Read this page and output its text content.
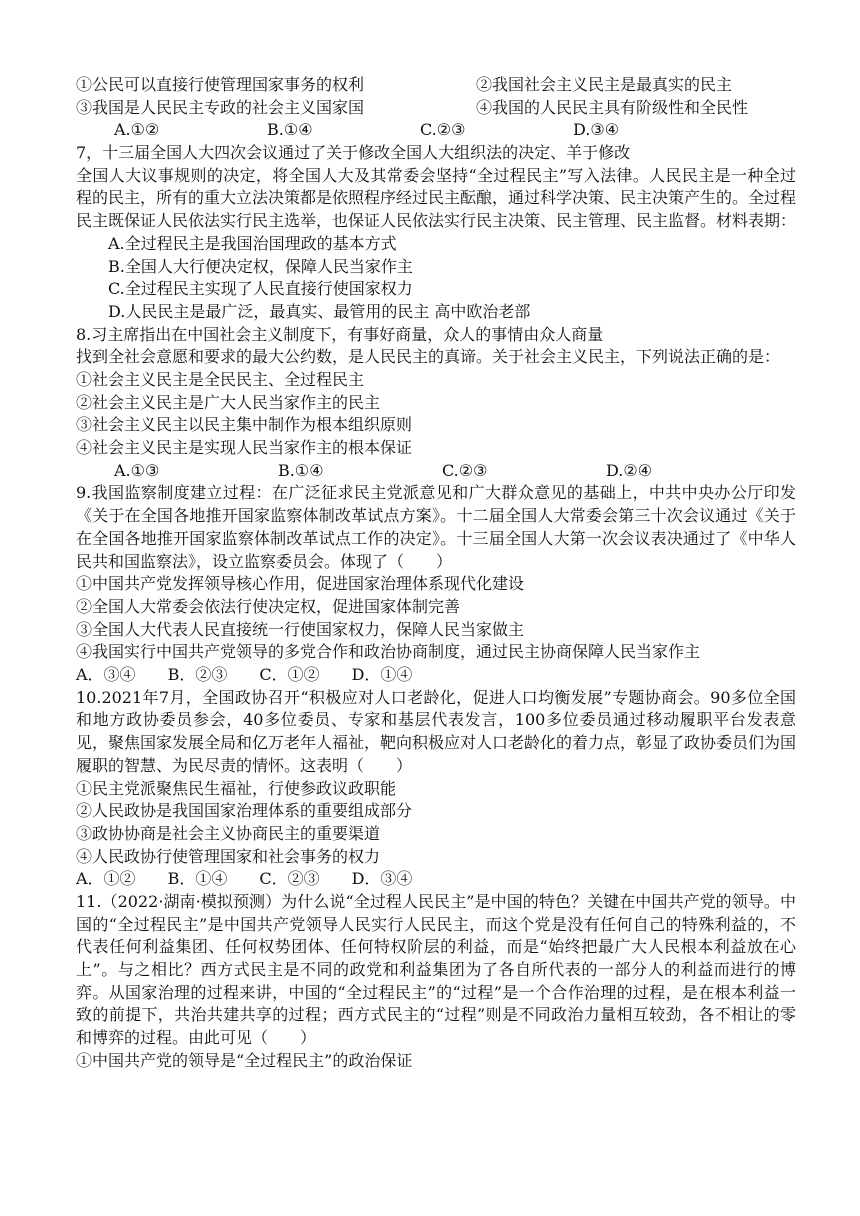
①公民可以直接行使管理国家事务的权利	②我国社会主义民主是最真实的民主
③我国是人民民主专政的社会主义国家国	④我国的人民民主具有阶级性和全民性
A.①②	B.①④	C.②③	D.③④
7，十三届全国人大四次会议通过了关于修改全国人大组织法的决定、羊于修改
全国人大议事规则的决定，将全国人大及其常委会坚持“全过程民主”写入法律。人民民主是一种全过程的民主，所有的重大立法决策都是依照程序经过民主酝酿，通过科学决策、民主决策产生的。全过程民主既保证人民依法实行民主选举，也保证人民依法实行民主决策、民主管理、民主监督。材料表期：
A.全过程民主是我国治国理政的基本方式
B.全国人大行便决定权，保障人民当家作主
C.全过程民主实现了人民直接行使国家权力
D.人民民主是最广泛，最真实、最管用的民主 高中欧治老部
8.习主席指出在中国社会主义制度下，有事好商量，众人的事情由众人商量
找到全社会意愿和要求的最大公约数，是人民民主的真谛。关于社会主义民主，下列说法正确的是：
①社会主义民主是全民民主、全过程民主
②社会主义民主是广大人民当家作主的民主
③社会主义民主以民主集中制作为根本组织原则
④社会主义民主是实现人民当家作主的根本保证
A.①③	B.①④	C.②③	D.②④
9.我国监察制度建立过程：在广泛征求民主党派意见和广大群众意见的基础上，中共中央办公厅印发《关于在全国各地推开国家监察体制改革试点方案》。十二届全国人大常委会第三十次会议通过《关于在全国各地推开国家监察体制改革试点工作的决定》。十三届全国人大第一次会议表决通过了《中华人民共和国监察法》，设立监察委员会。体现了（　　）
①中国共产党发挥领导核心作用，促进国家治理体系现代化建设
②全国人大常委会依法行使决定权，促进国家体制完善
③全国人大代表人民直接统一行使国家权力，保障人民当家做主
④我国实行中国共产党领导的多党合作和政治协商制度，通过民主协商保障人民当家作主
A．③④ B．②③ C．①② D．①④
10.2021年7月，全国政协召开“积极应对人口老龄化，促进人口均衡发展”专题协商会。90多位全国和地方政协委员参会，40多位委员、专家和基层代表发言，100多位委员通过移动履职平台发表意见，聚焦国家发展全局和亿万老年人福祉，靶向积极应对人口老龄化的着力点，彰显了政协委员们为国履职的智慧、为民尽责的情怀。这表明（　　）
①民主党派聚焦民生福祉，行使参政议政职能
②人民政协是我国国家治理体系的重要组成部分
③政协协商是社会主义协商民主的重要渠道
④人民政协行使管理国家和社会事务的权力
A．①② B．①④ C．②③ D．③④
11.（2022·湖南·模拟预测）为什么说“全过程人民民主”是中国的特色？关键在中国共产党的领导。中国的“全过程民主”是中国共产党领导人民实行人民民主，而这个党是没有任何自己的特殊利益的，不代表任何利益集团、任何权势团体、任何特权阶层的利益，而是“始终把最广大人民根本利益放在心上”。与之相比？西方式民主是不同的政党和利益集团为了各自所代表的一部分人的利益而进行的博弈。从国家治理的过程来讲，中国的“全过程民主”的“过程”是一个合作治理的过程，是在根本利益一致的前提下，共治共建共享的过程；西方式民主的“过程”则是不同政治力量相互较劲，各不相让的零和博弈的过程。由此可见（　　）
①中国共产党的领导是“全过程民主”的政治保证
